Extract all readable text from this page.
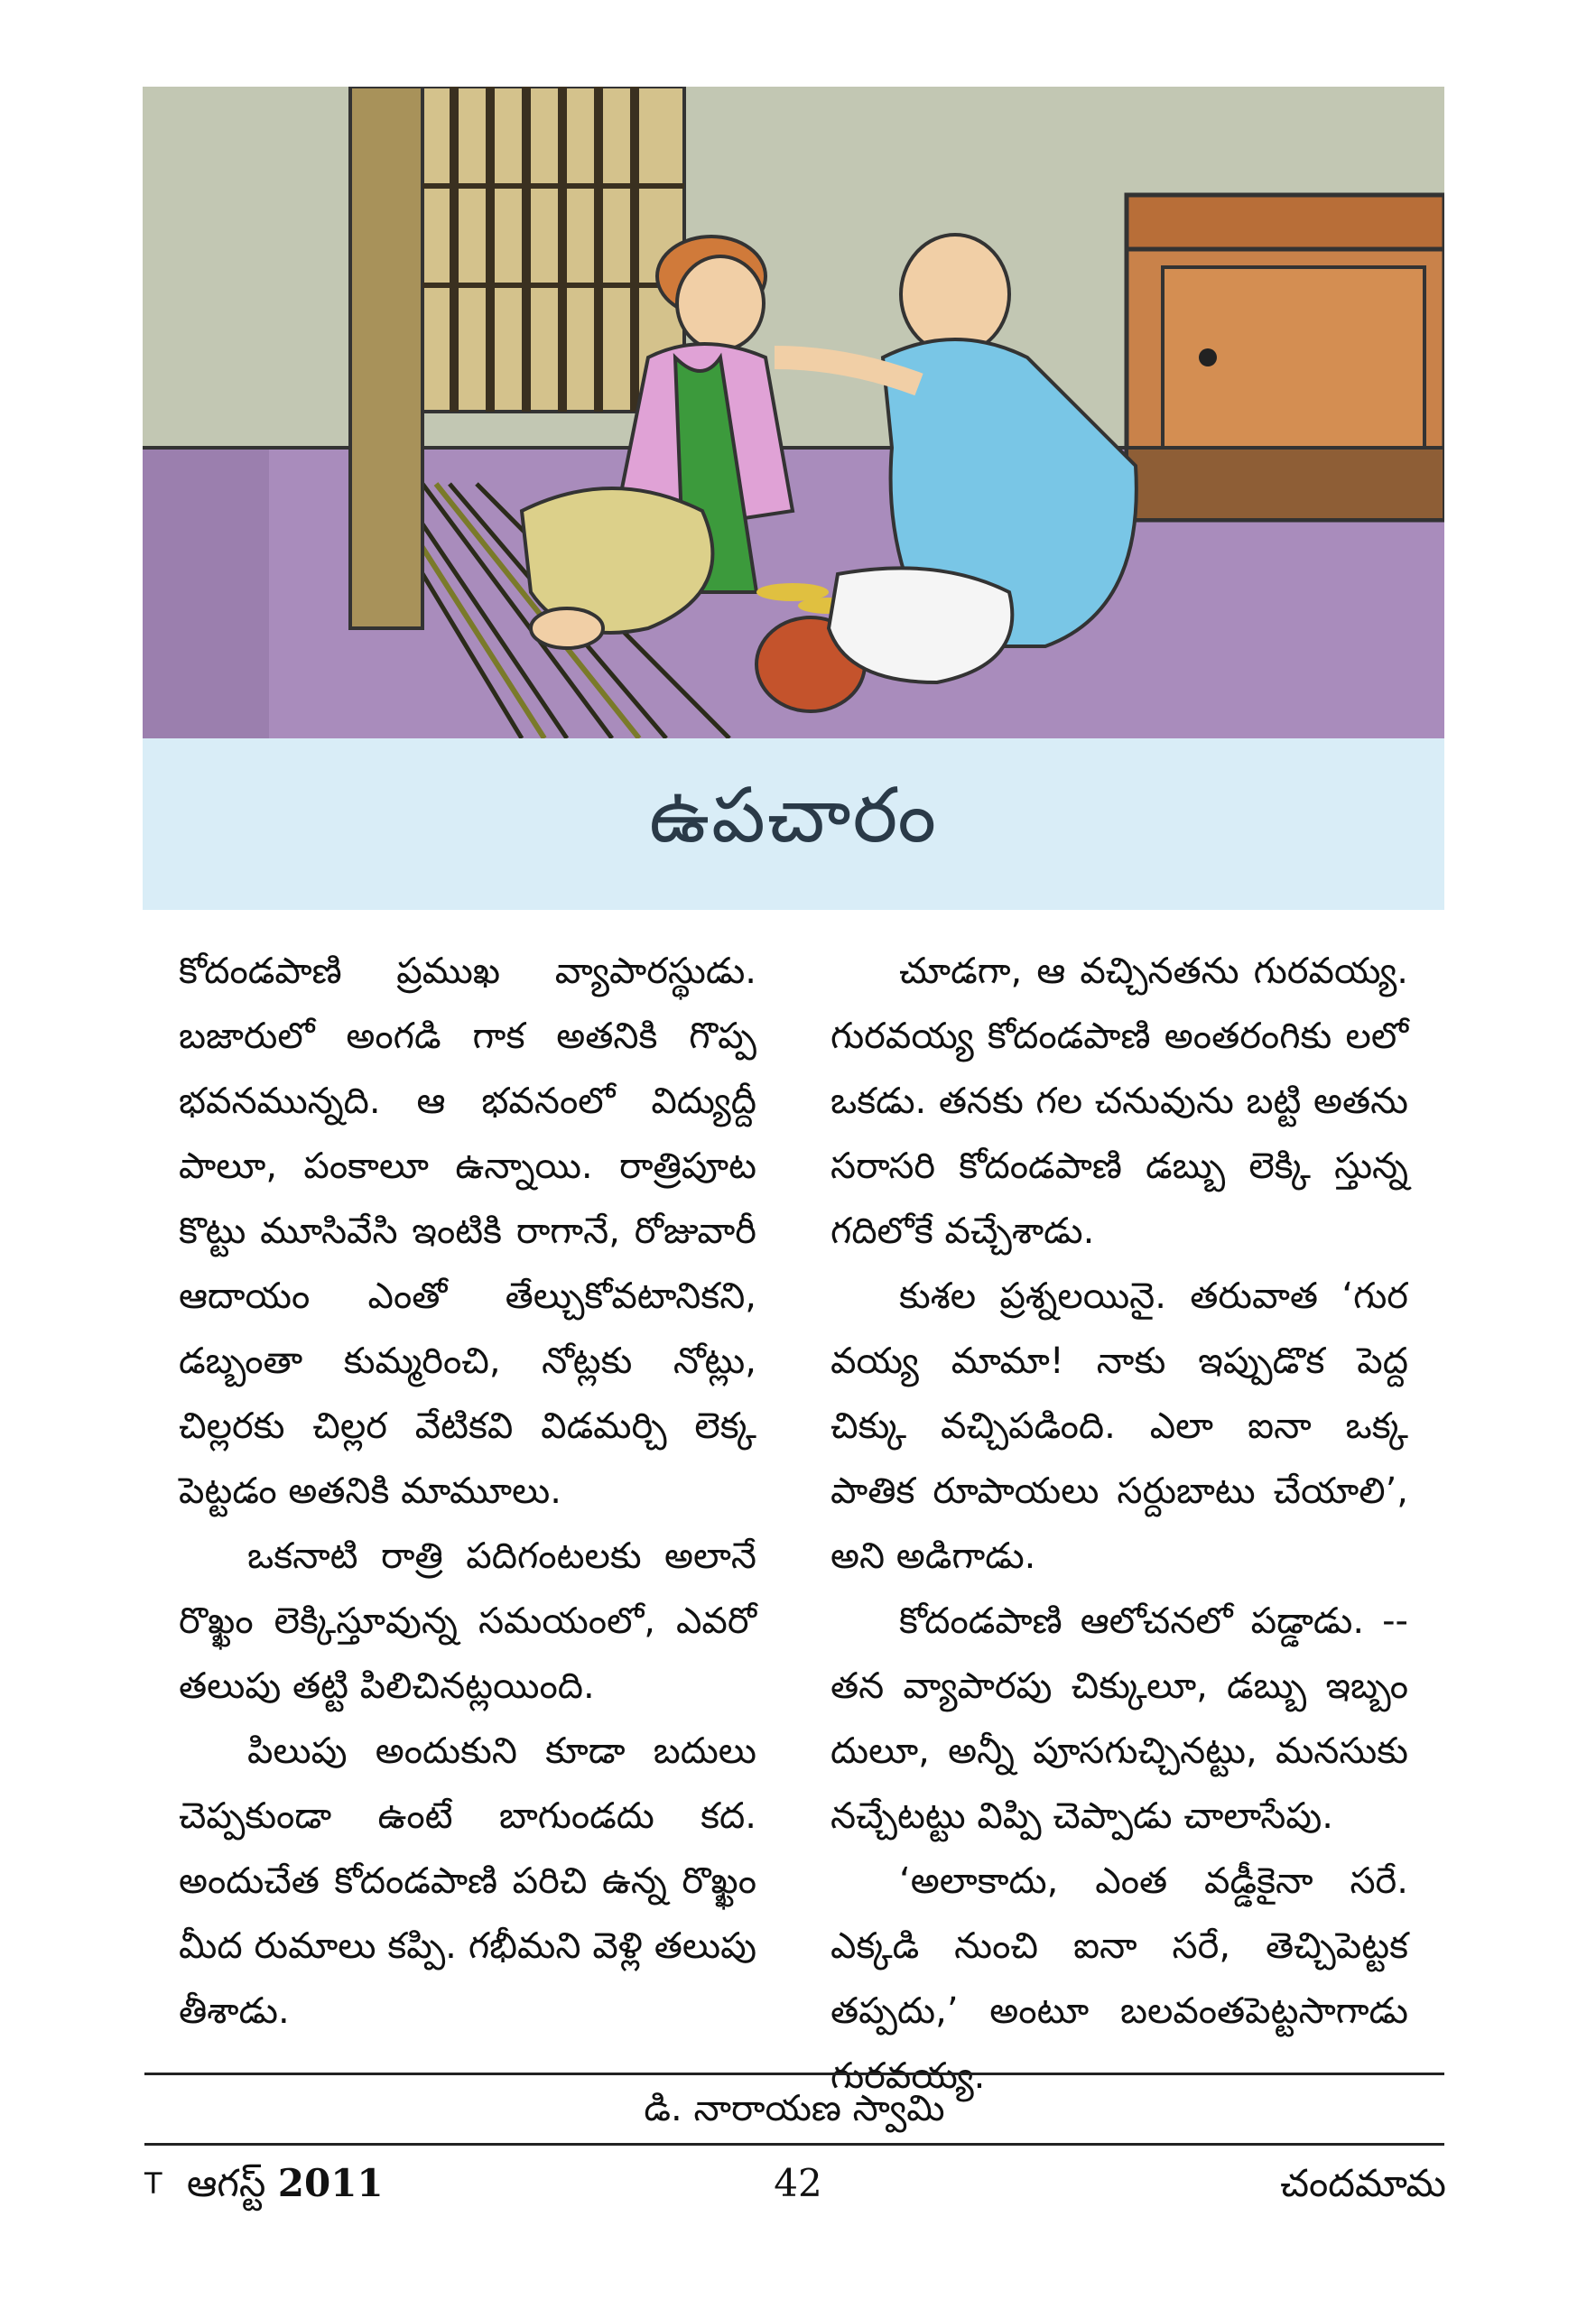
ఉపచారం

కోదండపాణి ప్రముఖ వ్యాపారస్థుడు. బజారులో అంగడి గాక అతనికి గొప్ప భవనమున్నది. ఆ భవనంలో విద్యుద్దీ పాలూ, పంకాలూ ఉన్నాయి. రాత్రిపూట కొట్టు మూసివేసి ఇంటికి రాగానే, రోజువారీ ఆదాయం ఎంతో తేల్చుకోవటానికని, డబ్బంతా కుమ్మరించి, నోట్లకు నోట్లు, చిల్లరకు చిల్లర వేటికవి విడమర్చి లెక్క పెట్టడం అతనికి మామూలు.

ఒకనాటి రాత్రి పదిగంటలకు అలానే రొఖ్ఖం లెక్కిస్తూవున్న సమయంలో, ఎవరో తలుపు తట్టి పిలిచినట్లయింది.

పిలుపు అందుకుని కూడా బదులు చెప్పకుండా ఉంటే బాగుండదు కద. అందుచేత కోదండపాణి పరిచి ఉన్న రొఖ్ఖం మీద రుమాలు కప్పి. గభీమని వెళ్లి తలుపు తీశాడు.

చూడగా, ఆ వచ్చినతను గురవయ్య. గురవయ్య కోదండపాణి అంతరంగికు లలో ఒకడు. తనకు గల చనువును బట్టి అతను సరాసరి కోదండపాణి డబ్బు లెక్కి స్తున్న గదిలోకే వచ్చేశాడు.

కుశల ప్రశ్నలయినై. తరువాత ‘గుర వయ్య మామా! నాకు ఇప్పుడొక పెద్ద చిక్కు వచ్చిపడింది. ఎలా ఐనా ఒక్క పాతిక రూపాయలు సర్దుబాటు చేయాలి’, అని అడిగాడు.

కోదండపాణి ఆలోచనలో పడ్డాడు. -- తన వ్యాపారపు చిక్కులూ, డబ్బు ఇబ్బం దులూ, అన్నీ పూసగుచ్చినట్టు, మనసుకు నచ్చేటట్టు విప్పి చెప్పాడు చాలాసేపు.

‘అలాకాదు, ఎంత వడ్డీకైనా సరే. ఎక్కడి నుంచి ఐనా సరే, తెచ్చిపెట్టక తప్పదు,’ అంటూ బలవంతపెట్టసాగాడు గురవయ్య.

డి. నారాయణ స్వామి
$^T$ ఆగస్ట్ 2011	42	చందమామ
